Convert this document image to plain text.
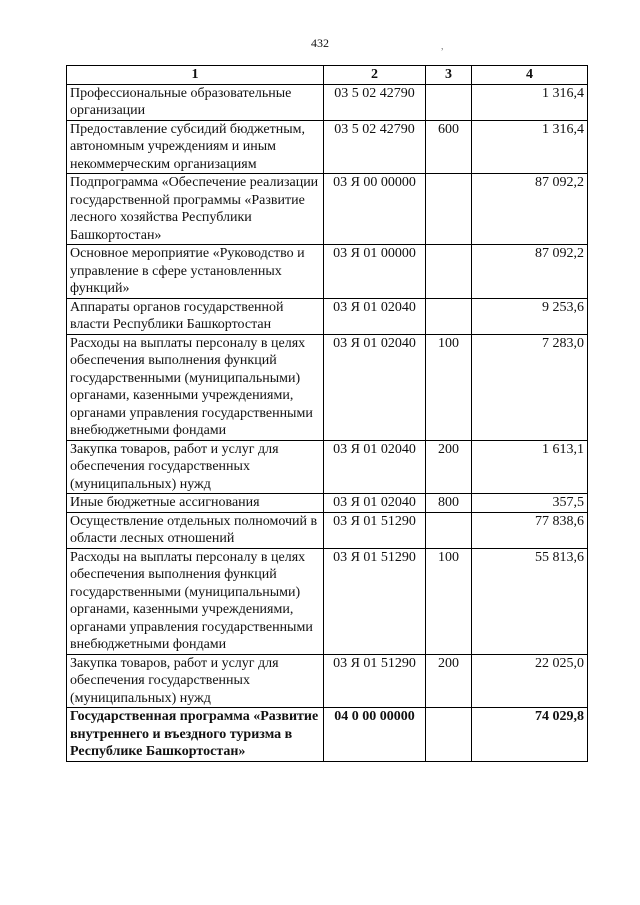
432	,
1	2	3	4
Профессиональные образовательные организации	03 5 02 42790		1 316,4
Предоставление субсидий бюджетным, автономным учреждениям и иным некоммерческим организациям	03 5 02 42790	600	1 316,4
Подпрограмма «Обеспечение реализации государственной программы «Развитие лесного хозяйства Республики Башкортостан»	03 Я 00 00000		87 092,2
Основное мероприятие «Руководство и управление в сфере установленных функций»	03 Я 01 00000		87 092,2
Аппараты органов государственной власти Республики Башкортостан	03 Я 01 02040		9 253,6
Расходы на выплаты персоналу в целях обеспечения выполнения функций государственными (муниципальными) органами, казенными учреждениями, органами управления государственными внебюджетными фондами	03 Я 01 02040	100	7 283,0
Закупка товаров, работ и услуг для обеспечения государственных (муниципальных) нужд	03 Я 01 02040	200	1 613,1
Иные бюджетные ассигнования	03 Я 01 02040	800	357,5
Осуществление отдельных полномочий в области лесных отношений	03 Я 01 51290		77 838,6
Расходы на выплаты персоналу в целях обеспечения выполнения функций государственными (муниципальными) органами, казенными учреждениями, органами управления государственными внебюджетными фондами	03 Я 01 51290	100	55 813,6
Закупка товаров, работ и услуг для обеспечения государственных (муниципальных) нужд	03 Я 01 51290	200	22 025,0
Государственная программа «Развитие внутреннего и въездного туризма в Республике Башкортостан»	04 0 00 00000		74 029,8
